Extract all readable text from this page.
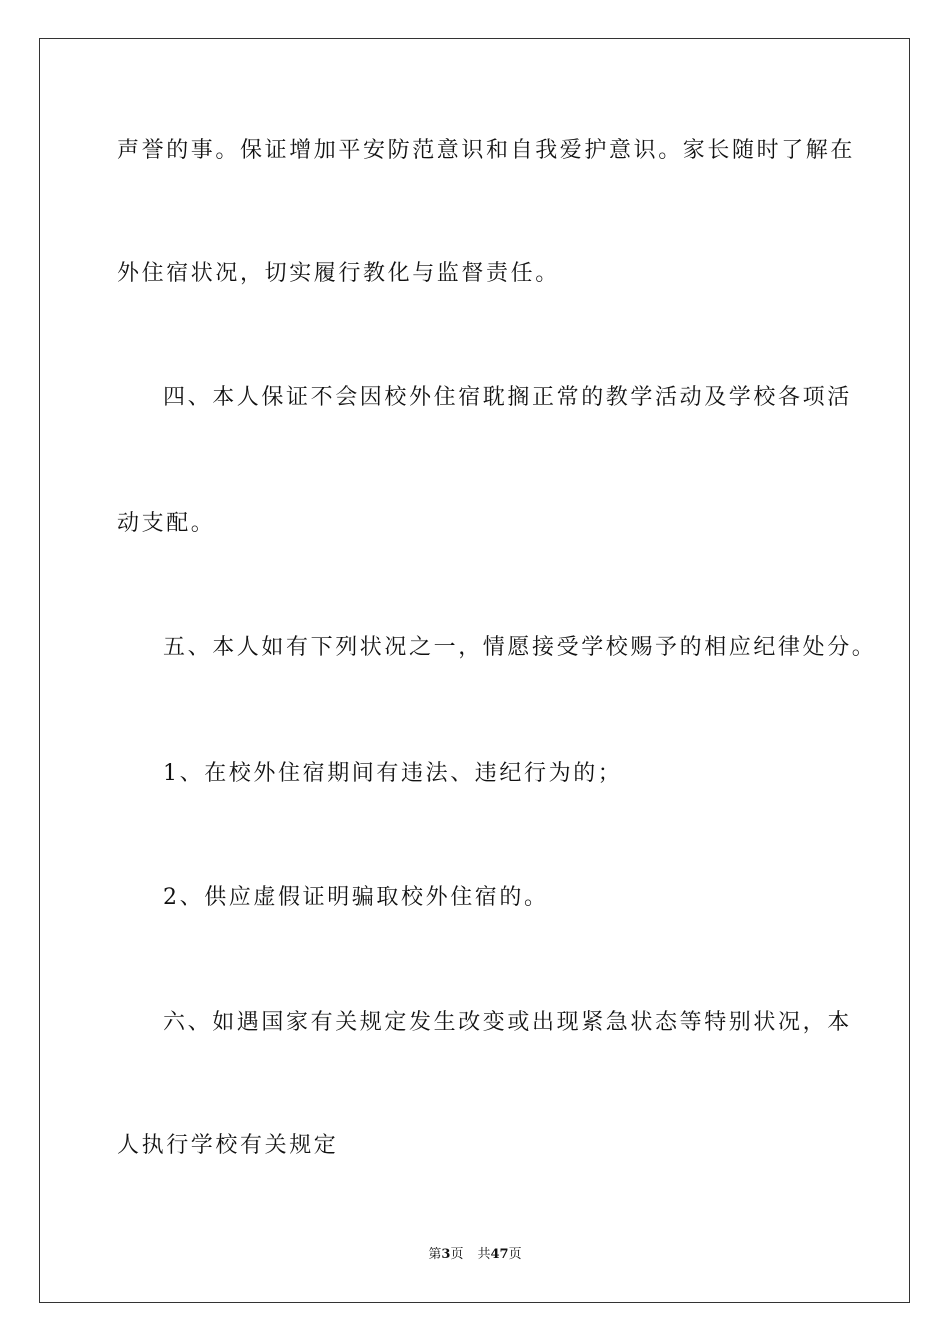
声誉的事。保证增加平安防范意识和自我爱护意识。家长随时了解在
外住宿状况，切实履行教化与监督责任。
四、本人保证不会因校外住宿耽搁正常的教学活动及学校各项活
动支配。
五、本人如有下列状况之一，情愿接受学校赐予的相应纪律处分。
1、在校外住宿期间有违法、违纪行为的；
2、供应虚假证明骗取校外住宿的。
六、如遇国家有关规定发生改变或出现紧急状态等特别状况，本
人执行学校有关规定
第3页 共47页
